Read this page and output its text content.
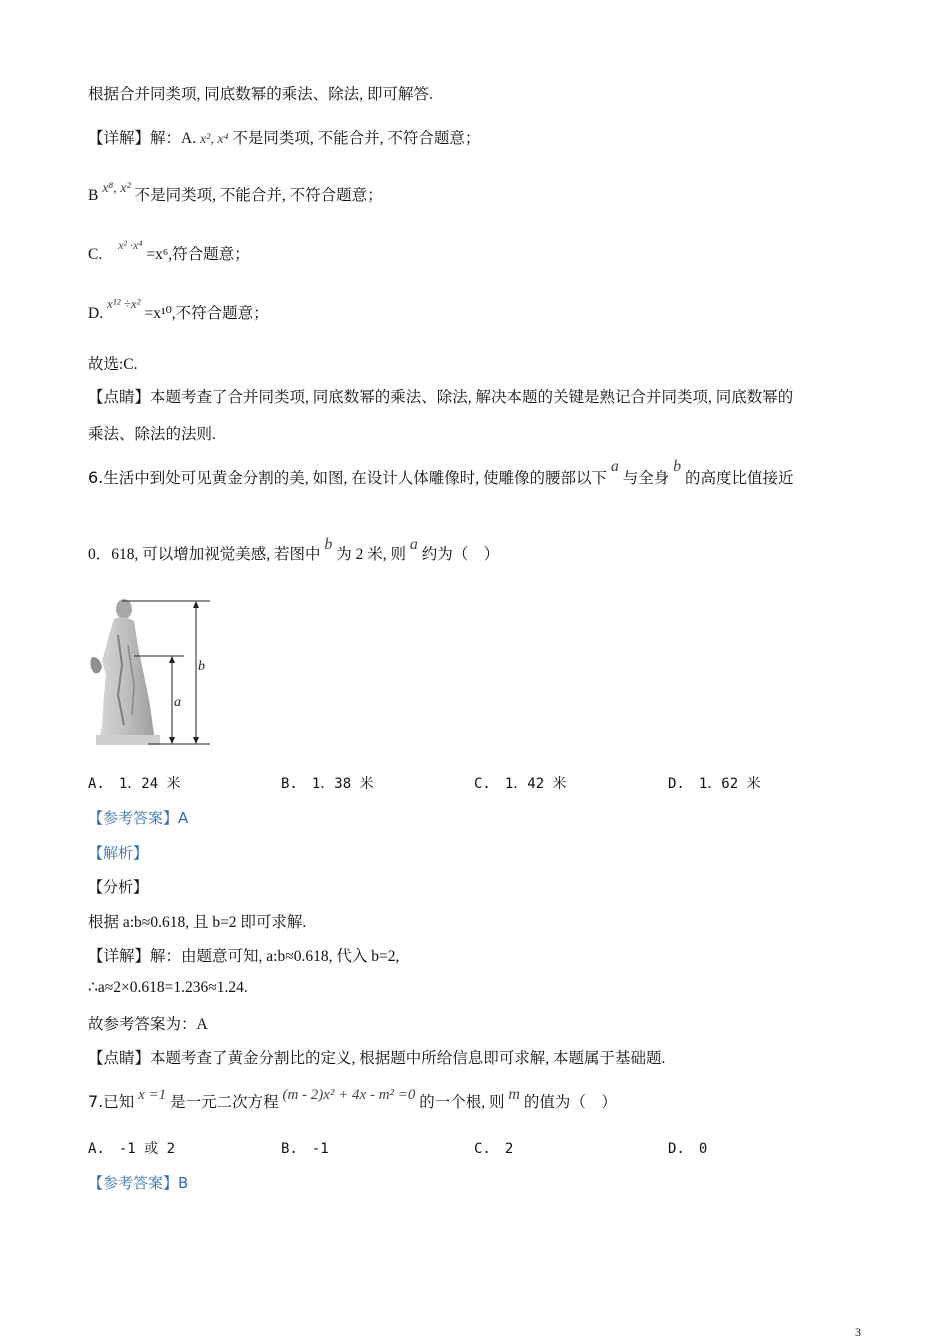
根据合并同类项, 同底数幂的乘法、除法, 即可解答.
【详解】解：A. x², x⁴ 不是同类项, 不能合并, 不符合题意；
B x⁸, x² 不是同类项, 不能合并, 不符合题意；
C. $^{x^2 \cdot x^4}$ =x⁶,符合题意；
D. $^{x^{12} \div x^2}$ =x¹⁰,不符合题意；
故选:C.
【点睛】本题考查了合并同类项, 同底数幂的乘法、除法, 解决本题的关键是熟记合并同类项, 同底数幂的
乘法、除法的法则.
6.生活中到处可见黄金分割的美, 如图, 在设计人体雕像时, 使雕像的腰部以下 a 与全身 b 的高度比值接近
0．618, 可以增加视觉美感, 若图中 b 为 2 米, 则 a 约为（　）
b
a
A.　1．24 米	B.　1．38 米	C.　1．42 米	D.　1．62 米
【参考答案】A
【解析】
【分析】
根据 a:b≈0.618, 且 b=2 即可求解.
【详解】解：由题意可知, a:b≈0.618, 代入 b=2,
∴a≈2×0.618=1.236≈1.24.
故参考答案为：A
【点睛】本题考查了黄金分割比的定义, 根据题中所给信息即可求解, 本题属于基础题.
7.已知 x =1 是一元二次方程 (m - 2)x² + 4x - m² =0 的一个根, 则 m 的值为（　）
A.　-1 或 2	B.　-1	C.　2	D.　0
【参考答案】B
3
